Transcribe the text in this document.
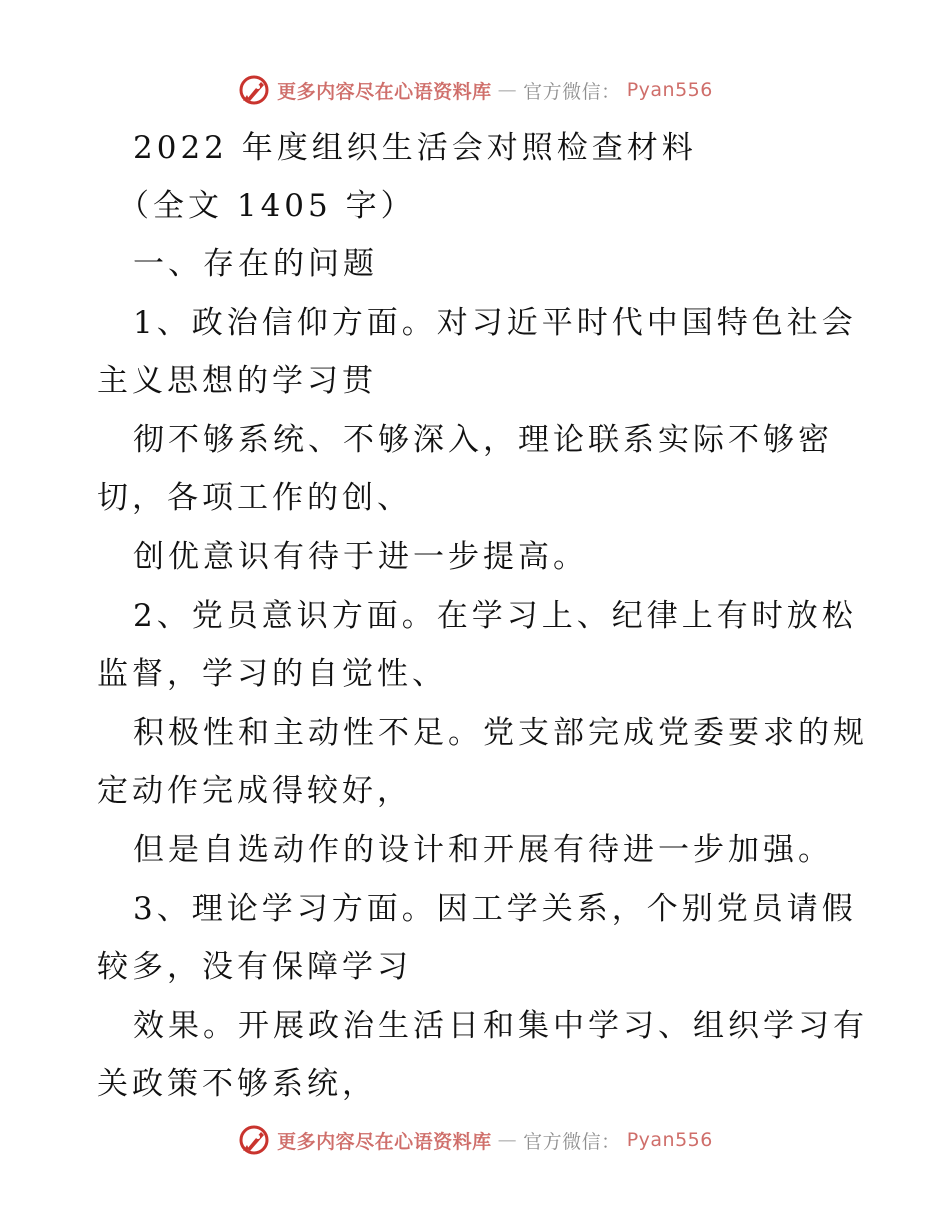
更多内容尽在心语资料库 — 官方微信： Pyan556
2022 年度组织生活会对照检查材料
（全文 1405 字）
一、存在的问题
1、政治信仰方面。对习近平时代中国特色社会
主义思想的学习贯
彻不够系统、不够深入，理论联系实际不够密
切，各项工作的创、
创优意识有待于进一步提高。
2、党员意识方面。在学习上、纪律上有时放松
监督，学习的自觉性、
积极性和主动性不足。党支部完成党委要求的规
定动作完成得较好，
但是自选动作的设计和开展有待进一步加强。
3、理论学习方面。因工学关系，个别党员请假
较多，没有保障学习
效果。开展政治生活日和集中学习、组织学习有
关政策不够系统，
更多内容尽在心语资料库 — 官方微信： Pyan556
